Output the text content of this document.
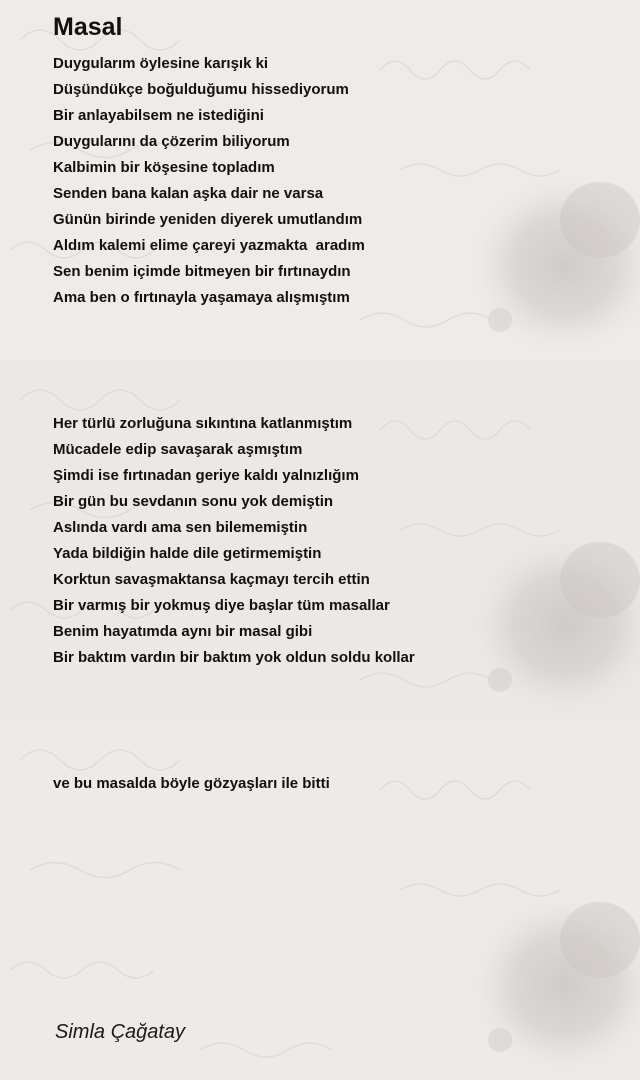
Masal
Duygularım öylesine karışık ki
Düşündükçe boğulduğumu hissediyorum
Bir anlayabilsem ne istediğini
Duygularını da çözerim biliyorum
Kalbimin bir köşesine topladım
Senden bana kalan aşka dair ne varsa
Günün birinde yeniden diyerek umutlandım
Aldım kalemi elime çareyi yazmakta  aradım
Sen benim içimde bitmeyen bir fırtınaydın
Ama ben o fırtınayla yaşamaya alışmıştım
Her türlü zorluğuna sıkıntına katlanmıştım
Mücadele edip savaşarak aşmıştım
Şimdi ise fırtınadan geriye kaldı yalnızlığım
Bir gün bu sevdanın sonu yok demiştin
Aslında vardı ama sen bilememiştin
Yada bildiğin halde dile getirmemiştin
Korktun savaşmaktansa kaçmayı tercih ettin
Bir varmış bir yokmuş diye başlar tüm masallar
Benim hayatımda aynı bir masal gibi
Bir baktım vardın bir baktım yok oldun soldu kollar
ve bu masalda böyle gözyaşları ile bitti

Simla Çağatay
